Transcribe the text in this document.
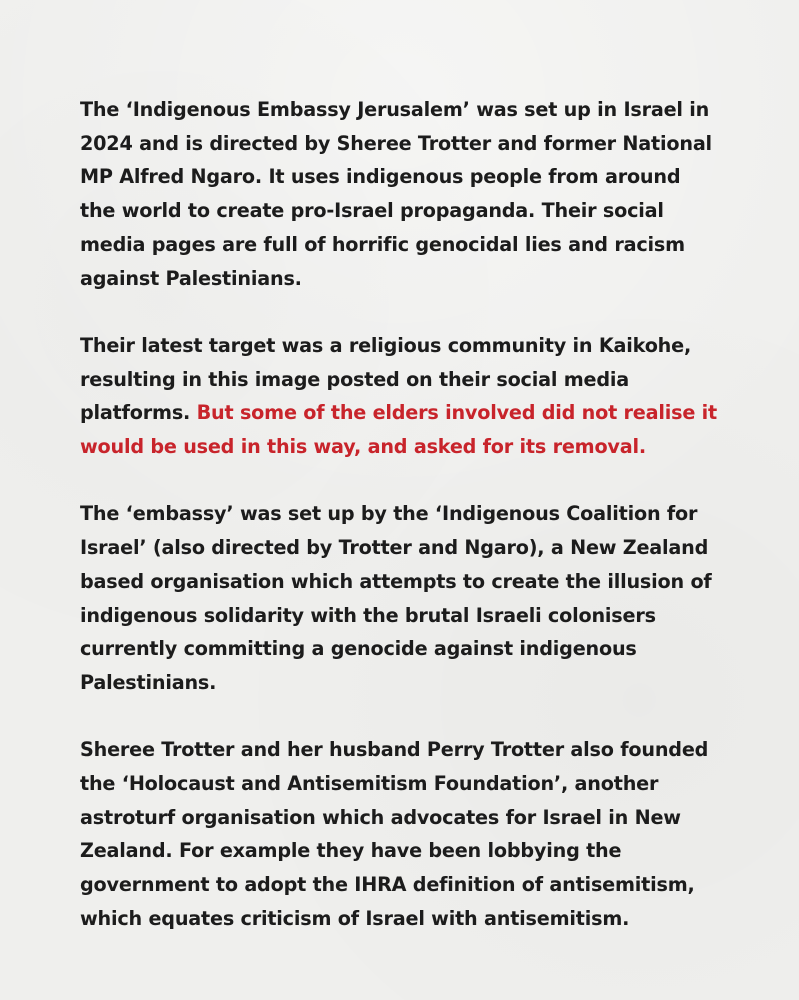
The ‘Indigenous Embassy Jerusalem’ was set up in Israel in
2024 and is directed by Sheree Trotter and former National
MP Alfred Ngaro. It uses indigenous people from around
the world to create pro-Israel propaganda. Their social
media pages are full of horrific genocidal lies and racism
against Palestinians.

Their latest target was a religious community in Kaikohe,
resulting in this image posted on their social media
platforms. But some of the elders involved did not realise it
would be used in this way, and asked for its removal.

The ‘embassy’ was set up by the ‘Indigenous Coalition for
Israel’ (also directed by Trotter and Ngaro), a New Zealand
based organisation which attempts to create the illusion of
indigenous solidarity with the brutal Israeli colonisers
currently committing a genocide against indigenous
Palestinians.

Sheree Trotter and her husband Perry Trotter also founded
the ‘Holocaust and Antisemitism Foundation’, another
astroturf organisation which advocates for Israel in New
Zealand. For example they have been lobbying the
government to adopt the IHRA definition of antisemitism,
which equates criticism of Israel with antisemitism.
